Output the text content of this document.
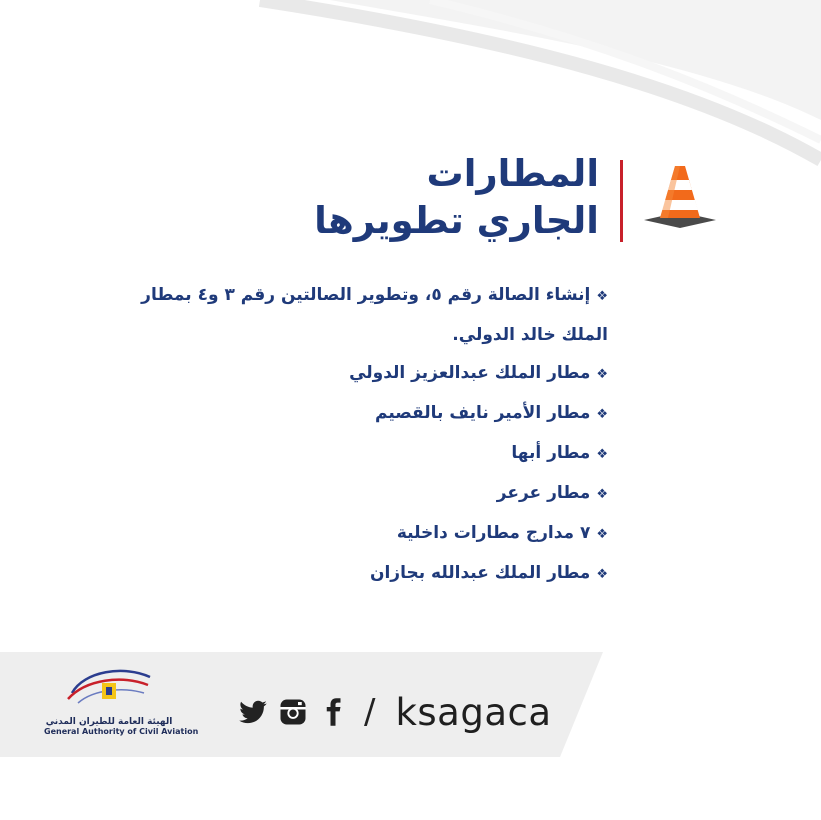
المطارات
الجاري تطويرها
❖إنشاء الصالة رقم ٥، وتطوير الصالتين رقم ٣ و٤ بمطار
الملك خالد الدولي.
❖مطار الملك عبدالعزيز الدولي
❖مطار الأمير نايف بالقصيم
❖مطار أبها
❖مطار عرعر
❖٧ مدارج مطارات داخلية
❖مطار الملك عبدالله بجازان
/ ksagaca
الهيئة العامة للطيران المدني
General Authority of Civil Aviation
